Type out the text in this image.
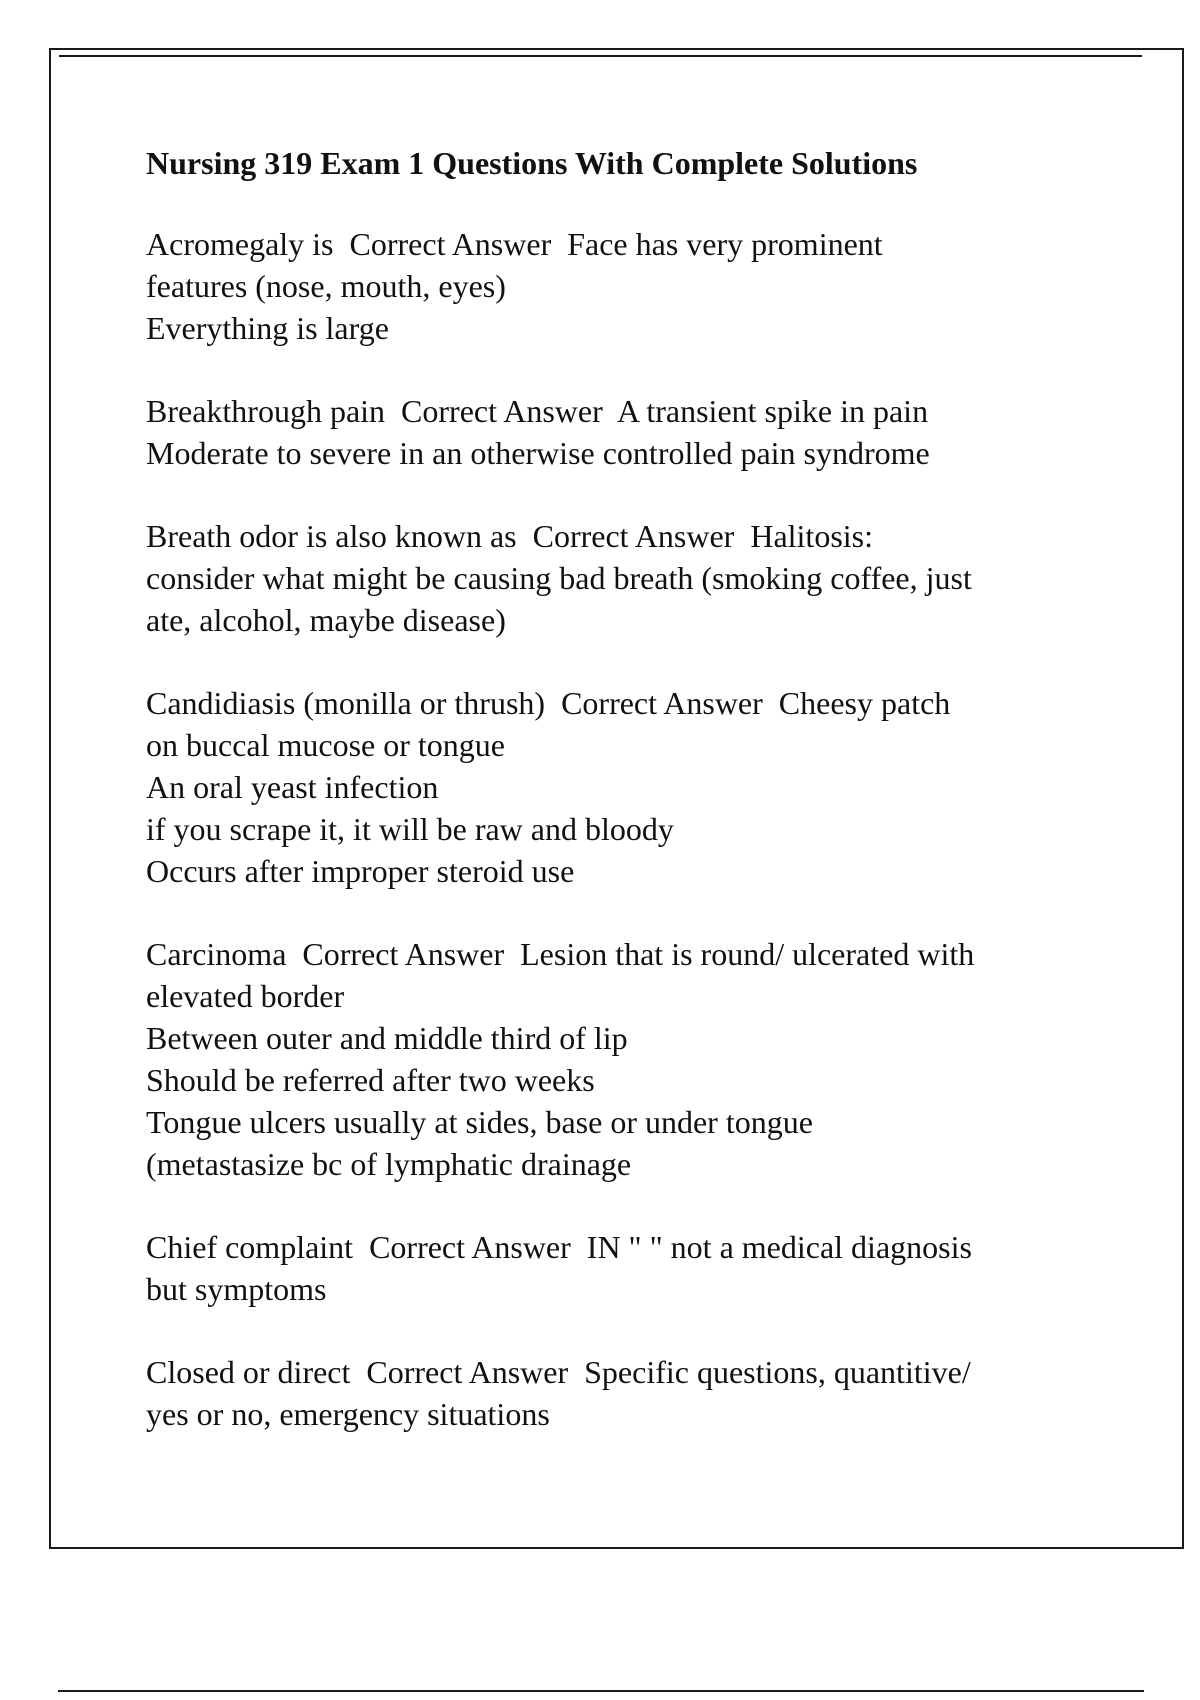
Nursing 319 Exam 1 Questions With Complete Solutions
Acromegaly is  Correct Answer  Face has very prominent
features (nose, mouth, eyes)
Everything is large
Breakthrough pain  Correct Answer  A transient spike in pain
Moderate to severe in an otherwise controlled pain syndrome
Breath odor is also known as  Correct Answer  Halitosis:
consider what might be causing bad breath (smoking coffee, just
ate, alcohol, maybe disease)
Candidiasis (monilla or thrush)  Correct Answer  Cheesy patch
on buccal mucose or tongue
An oral yeast infection
if you scrape it, it will be raw and bloody
Occurs after improper steroid use
Carcinoma  Correct Answer  Lesion that is round/ ulcerated with
elevated border
Between outer and middle third of lip
Should be referred after two weeks
Tongue ulcers usually at sides, base or under tongue
(metastasize bc of lymphatic drainage
Chief complaint  Correct Answer  IN " " not a medical diagnosis
but symptoms
Closed or direct  Correct Answer  Specific questions, quantitive/
yes or no, emergency situations
